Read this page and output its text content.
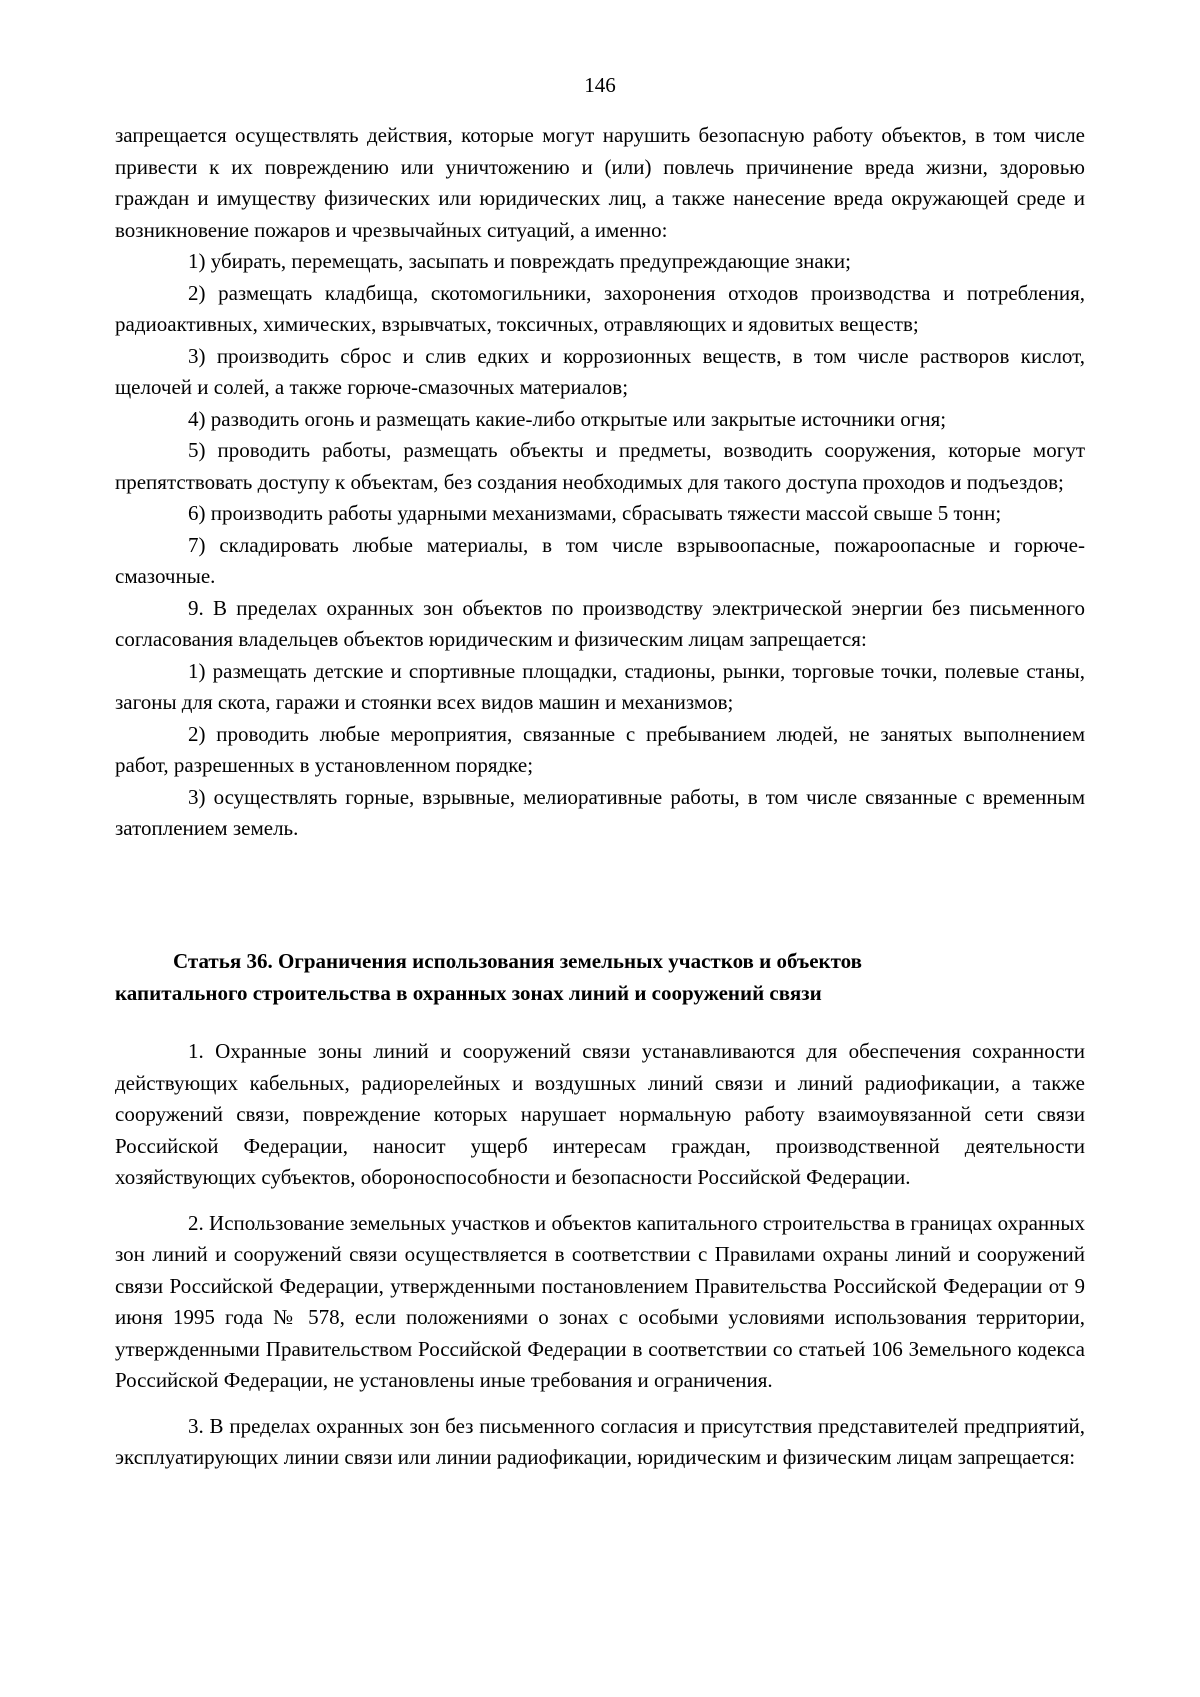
146

запрещается осуществлять действия, которые могут нарушить безопасную работу объектов, в том числе привести к их повреждению или уничтожению и (или) повлечь причинение вреда жизни, здоровью граждан и имуществу физических или юридических лиц, а также нанесение вреда окружающей среде и возникновение пожаров и чрезвычайных ситуаций, а именно:

1) убирать, перемещать, засыпать и повреждать предупреждающие знаки;

2) размещать кладбища, скотомогильники, захоронения отходов производства и потребления, радиоактивных, химических, взрывчатых, токсичных, отравляющих и ядовитых веществ;

3) производить сброс и слив едких и коррозионных веществ, в том числе растворов кислот, щелочей и солей, а также горюче-смазочных материалов;

4) разводить огонь и размещать какие-либо открытые или закрытые источники огня;

5) проводить работы, размещать объекты и предметы, возводить сооружения, которые могут препятствовать доступу к объектам, без создания необходимых для такого доступа проходов и подъездов;

6) производить работы ударными механизмами, сбрасывать тяжести массой свыше 5 тонн;

7) складировать любые материалы, в том числе взрывоопасные, пожароопасные и горюче-смазочные.

9. В пределах охранных зон объектов по производству электрической энергии без письменного согласования владельцев объектов юридическим и физическим лицам запрещается:

1) размещать детские и спортивные площадки, стадионы, рынки, торговые точки, полевые станы, загоны для скота, гаражи и стоянки всех видов машин и механизмов;

2) проводить любые мероприятия, связанные с пребыванием людей, не занятых выполнением работ, разрешенных в установленном порядке;

3) осуществлять горные, взрывные, мелиоративные работы, в том числе связанные с временным затоплением земель.

Статья 36. Ограничения использования земельных участков и объектов
капитального строительства в охранных зонах линий и сооружений связи

1. Охранные зоны линий и сооружений связи устанавливаются для обеспечения сохранности действующих кабельных, радиорелейных и воздушных линий связи и линий радиофикации, а также сооружений связи, повреждение которых нарушает нормальную работу взаимоувязанной сети связи Российской Федерации, наносит ущерб интересам граждан, производственной деятельности хозяйствующих субъектов, обороноспособности и безопасности Российской Федерации.

2. Использование земельных участков и объектов капитального строительства в границах охранных зон линий и сооружений связи осуществляется в соответствии с Правилами охраны линий и сооружений связи Российской Федерации, утвержденными постановлением Правительства Российской Федерации от 9 июня 1995 года № 578, если положениями о зонах с особыми условиями использования территории, утвержденными Правительством Российской Федерации в соответствии со статьей 106 Земельного кодекса Российской Федерации, не установлены иные требования и ограничения.

3. В пределах охранных зон без письменного согласия и присутствия представителей предприятий, эксплуатирующих линии связи или линии радиофикации, юридическим и физическим лицам запрещается:
